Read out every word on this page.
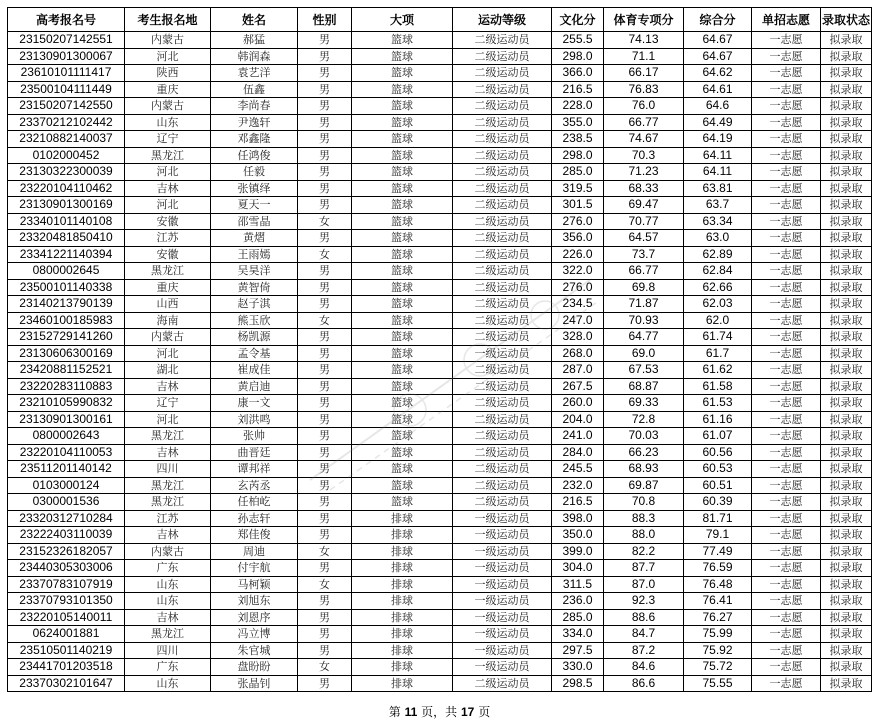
高考报名号	考生报名地	姓名	性别	大项	运动等级	文化分	体育专项分	综合分	单招志愿	录取状态
23150207142551	内蒙古	郝猛	男	篮球	二级运动员	255.5	74.13	64.67	一志愿	拟录取
23130901300067	河北	韩润森	男	篮球	二级运动员	298.0	71.1	64.67	一志愿	拟录取
23610101111417	陕西	袁艺洋	男	篮球	二级运动员	366.0	66.17	64.62	一志愿	拟录取
23500104111449	重庆	伍鑫	男	篮球	二级运动员	216.5	76.83	64.61	一志愿	拟录取
23150207142550	内蒙古	李尚春	男	篮球	二级运动员	228.0	76.0	64.6	一志愿	拟录取
23370212102442	山东	尹逸轩	男	篮球	二级运动员	355.0	66.77	64.49	一志愿	拟录取
23210882140037	辽宁	邓鑫隆	男	篮球	二级运动员	238.5	74.67	64.19	一志愿	拟录取
0102000452	黑龙江	任鸿俊	男	篮球	二级运动员	298.0	70.3	64.11	一志愿	拟录取
23130322300039	河北	任毅	男	篮球	二级运动员	285.0	71.23	64.11	一志愿	拟录取
23220104110462	吉林	张镇绎	男	篮球	二级运动员	319.5	68.33	63.81	一志愿	拟录取
23130901300169	河北	夏天一	男	篮球	二级运动员	301.5	69.47	63.7	一志愿	拟录取
23340101140108	安徽	邵雪晶	女	篮球	二级运动员	276.0	70.77	63.34	一志愿	拟录取
23320481850410	江苏	黄熠	男	篮球	二级运动员	356.0	64.57	63.0	一志愿	拟录取
23341221140394	安徽	王雨嫣	女	篮球	二级运动员	226.0	73.7	62.89	一志愿	拟录取
0800002645	黑龙江	吴昊洋	男	篮球	二级运动员	322.0	66.77	62.84	一志愿	拟录取
23500101140338	重庆	黄智倚	男	篮球	二级运动员	276.0	69.8	62.66	一志愿	拟录取
23140213790139	山西	赵子淇	男	篮球	二级运动员	234.5	71.87	62.03	一志愿	拟录取
23460100185983	海南	熊玉欣	女	篮球	二级运动员	247.0	70.93	62.0	一志愿	拟录取
23152729141260	内蒙古	杨凯源	男	篮球	二级运动员	328.0	64.77	61.74	一志愿	拟录取
23130606300169	河北	孟令基	男	篮球	一级运动员	268.0	69.0	61.7	一志愿	拟录取
23420881152521	湖北	崔成佳	男	篮球	二级运动员	287.0	67.53	61.62	一志愿	拟录取
23220283110883	吉林	黄启迪	男	篮球	二级运动员	267.5	68.87	61.58	一志愿	拟录取
23210105990832	辽宁	康一文	男	篮球	二级运动员	260.0	69.33	61.53	一志愿	拟录取
23130901300161	河北	刘洪鸣	男	篮球	二级运动员	204.0	72.8	61.16	一志愿	拟录取
0800002643	黑龙江	张帅	男	篮球	二级运动员	241.0	70.03	61.07	一志愿	拟录取
23220104110053	吉林	曲晋廷	男	篮球	二级运动员	284.0	66.23	60.56	一志愿	拟录取
23511201140142	四川	谭邦祥	男	篮球	二级运动员	245.5	68.93	60.53	一志愿	拟录取
0103000124	黑龙江	玄芮丞	男	篮球	二级运动员	232.0	69.87	60.51	一志愿	拟录取
0300001536	黑龙江	任柏屹	男	篮球	二级运动员	216.5	70.8	60.39	一志愿	拟录取
23320312710284	江苏	孙志轩	男	排球	一级运动员	398.0	88.3	81.71	一志愿	拟录取
23222403110039	吉林	郑佳俊	男	排球	一级运动员	350.0	88.0	79.1	一志愿	拟录取
23152326182057	内蒙古	周迪	女	排球	一级运动员	399.0	82.2	77.49	一志愿	拟录取
23440305303006	广东	付宇航	男	排球	一级运动员	304.0	87.7	76.59	一志愿	拟录取
23370783107919	山东	马柯颖	女	排球	一级运动员	311.5	87.0	76.48	一志愿	拟录取
23370793101350	山东	刘旭东	男	排球	一级运动员	236.0	92.3	76.41	一志愿	拟录取
23220105140011	吉林	刘恩序	男	排球	一级运动员	285.0	88.6	76.27	一志愿	拟录取
0624001881	黑龙江	冯立博	男	排球	一级运动员	334.0	84.7	75.99	一志愿	拟录取
23510501140219	四川	朱官城	男	排球	一级运动员	297.5	87.2	75.92	一志愿	拟录取
23441701203518	广东	盘盼盼	女	排球	一级运动员	330.0	84.6	75.72	一志愿	拟录取
23370302101647	山东	张晶钊	男	排球	二级运动员	298.5	86.6	75.55	一志愿	拟录取
第 11 页，共 17 页
